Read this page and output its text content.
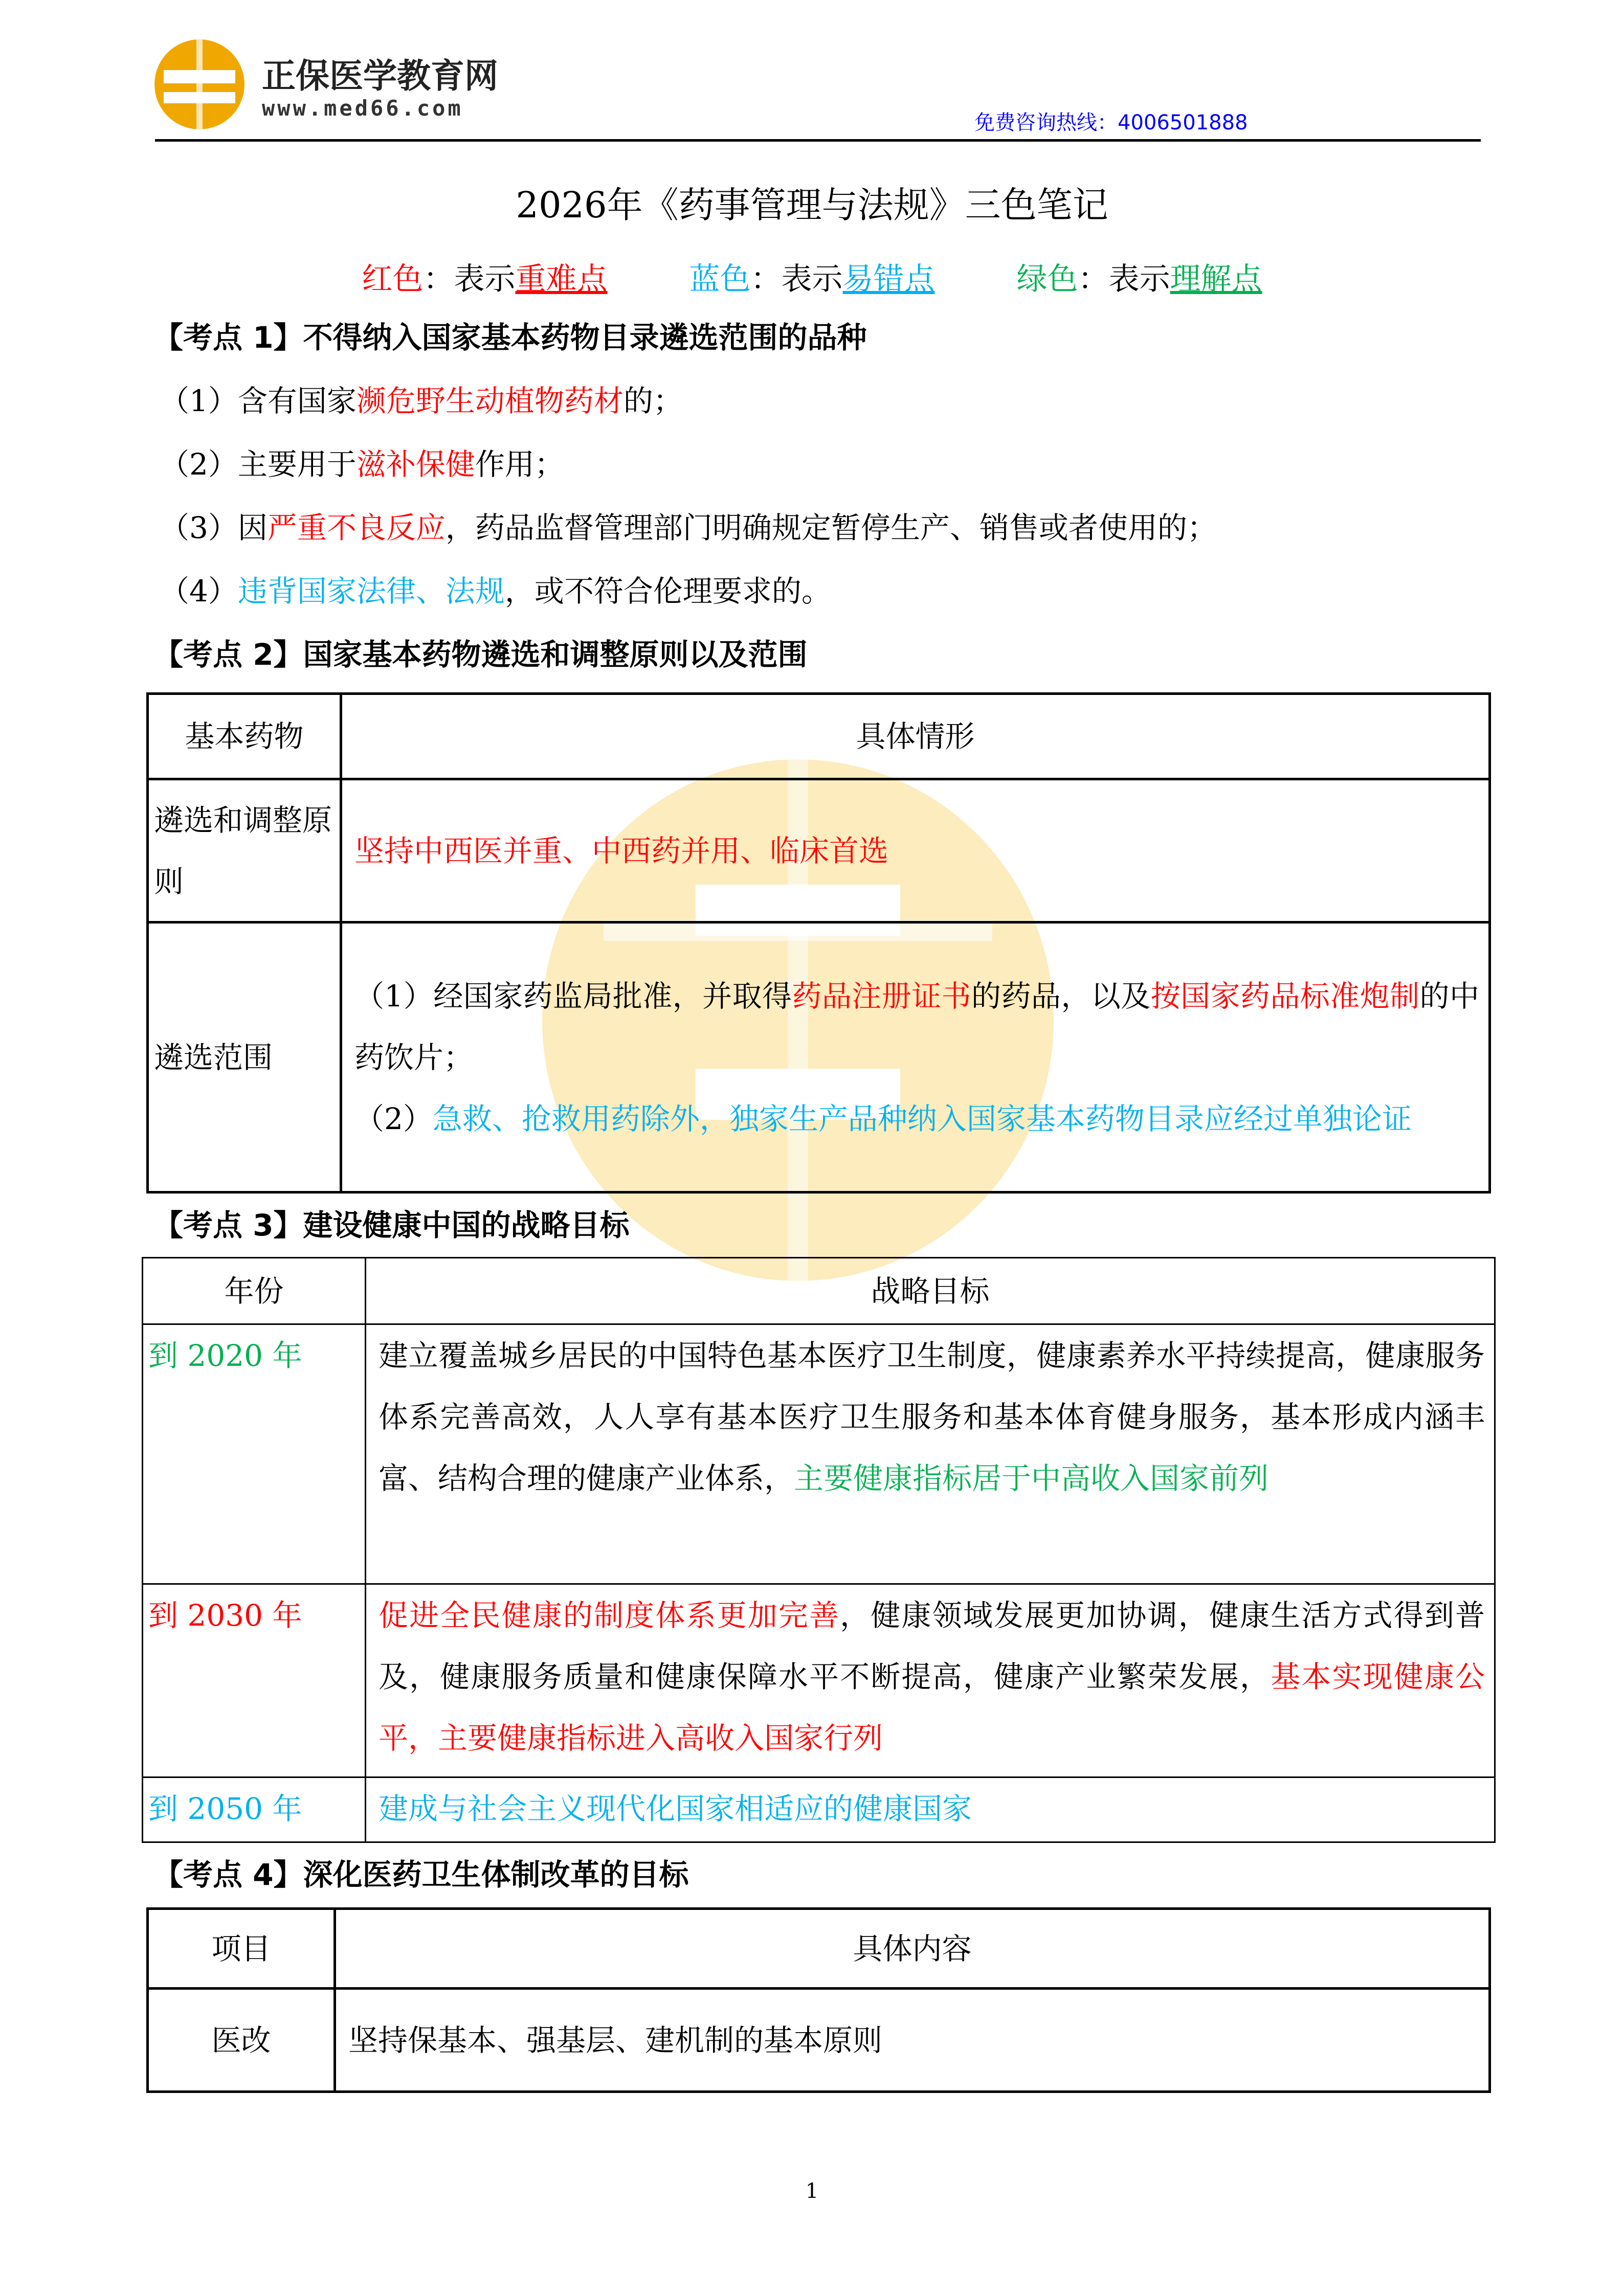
正保医学教育网
www.med66.com
免费咨询热线：4006501888
2026年《药事管理与法规》三色笔记
红色：表示重难点	蓝色：表示易错点	绿色：表示理解点
【考点 1】不得纳入国家基本药物目录遴选范围的品种
（1）含有国家濒危野生动植物药材的；
（2）主要用于滋补保健作用；
（3）因严重不良反应，药品监督管理部门明确规定暂停生产、销售或者使用的；
（4）违背国家法律、法规，或不符合伦理要求的。
【考点 2】国家基本药物遴选和调整原则以及范围
基本药物	具体情形
遴选和调整原则	坚持中西医并重、中西药并用、临床首选
遴选范围	（1）经国家药监局批准，并取得药品注册证书的药品，以及按国家药品标准炮制的中药饮片；
（2）急救、抢救用药除外，独家生产品种纳入国家基本药物目录应经过单独论证
【考点 3】建设健康中国的战略目标
年份	战略目标
到 2020 年	建立覆盖城乡居民的中国特色基本医疗卫生制度，健康素养水平持续提高，健康服务体系完善高效，人人享有基本医疗卫生服务和基本体育健身服务，基本形成内涵丰富、结构合理的健康产业体系，主要健康指标居于中高收入国家前列
到 2030 年	促进全民健康的制度体系更加完善，健康领域发展更加协调，健康生活方式得到普及，健康服务质量和健康保障水平不断提高，健康产业繁荣发展，基本实现健康公平，主要健康指标进入高收入国家行列
到 2050 年	建成与社会主义现代化国家相适应的健康国家
【考点 4】深化医药卫生体制改革的目标
项目	具体内容
医改	坚持保基本、强基层、建机制的基本原则
1
